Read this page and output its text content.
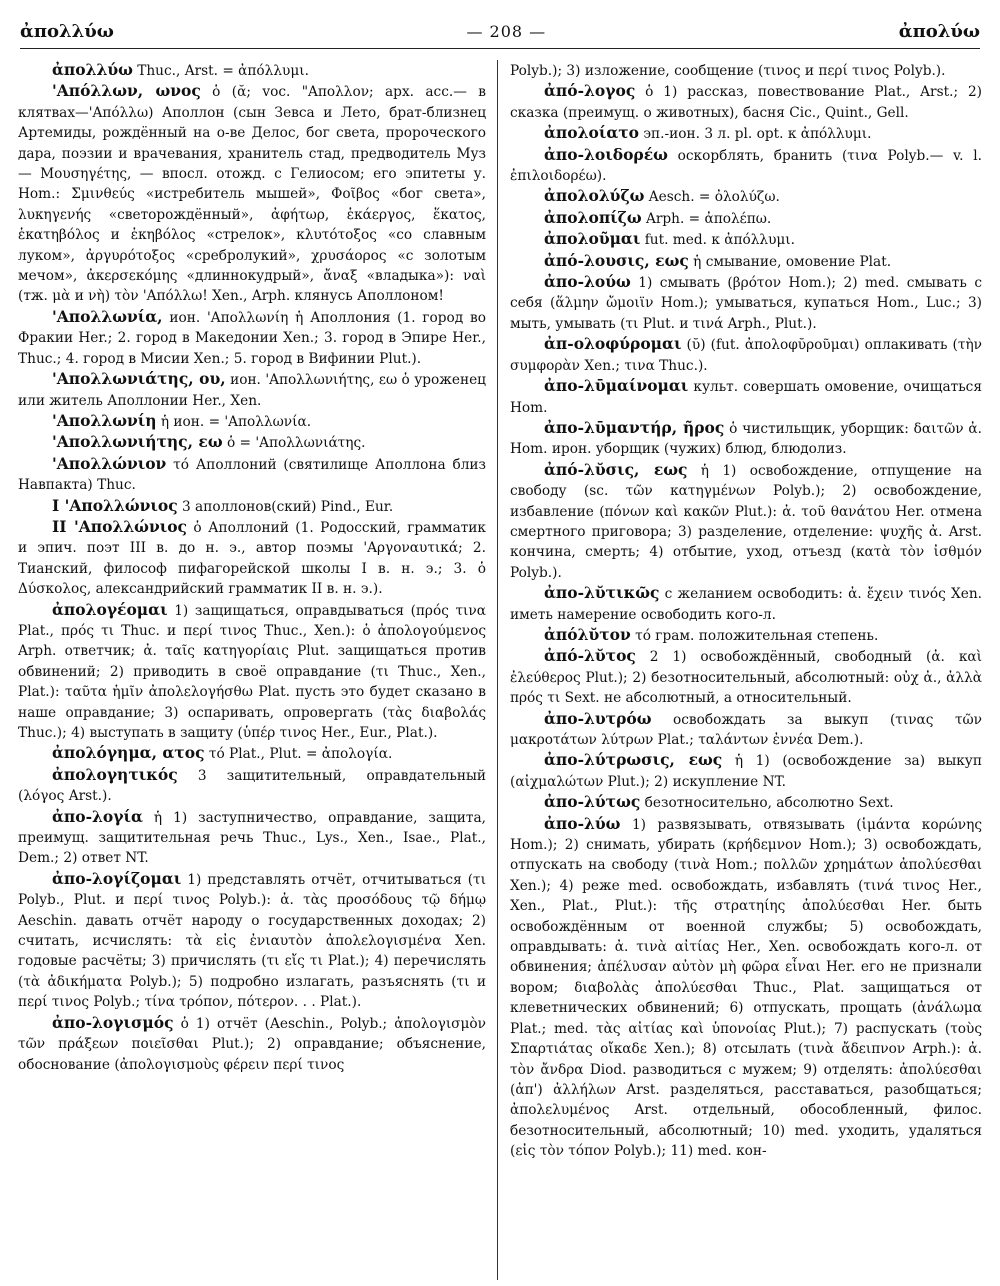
ἀπολλύω	— 208 —	ἀπολύω

ἀπολλύω Thuc., Arst. = ἀπόλλυμι.

'Απόλλων, ωνος ὁ (ᾰ; voc. "Απολλον; арх. acc.— в клятвах—'Απόλλω) Аполлон (сын Зевса и Лето, брат-близнец Артемиды, рождённый на о-ве Делос, бог света, пророческого дара, поэзии и врачевания, хранитель стад, предводитель Муз — Μουσηγέτης, — впосл. отожд. с Гелиосом; его эпитеты у. Hom.: Σμινθεύς «истребитель мышей», Φοῖβος «бог света», λυκηγενής «светорождённый», ἀφήτωρ, ἑκάεργος, ἕκατος, ἑκατηβόλος и ἑκηβόλος «стрелок», κλυτότοξος «со славным луком», ἀργυρότοξος «сребролукий», χρυσάορος «с золотым мечом», ἀκερσεκόμης «длиннокудрый», ἄναξ «владыка»): ναὶ (тж. μὰ и νὴ) τὸν 'Απόλλω! Xen., Arph. клянусь Аполлоном!

'Απολλωνία, ион. 'Απολλωνίη ἡ Аполлония (1. город во Фракии Her.; 2. город в Македонии Xen.; 3. город в Эпире Her., Thuc.; 4. город в Мисии Xen.; 5. город в Вифинии Plut.).

'Απολλωνιάτης, ου, ион. 'Απολλωνιήτης, εω ὁ уроженец или житель Аполлонии Her., Xen.

'Απολλωνίη ἡ ион. = 'Απολλωνία.

'Απολλωνιήτης, εω ὁ = 'Απολλωνιάτης.

'Απολλώνιον τό Аполлоний (святилище Аполлона близ Навпакта) Thuc.

I 'Απολλώνιος 3 аполлонов(ский) Pind., Eur.

II 'Απολλώνιος ὁ Аполлоний (1. Родосский, грамматик и эпич. поэт III в. до н. э., автор поэмы 'Αργοναυτικά; 2. Тианский, философ пифагорейской школы I в. н. э.; 3. ὁ Δύσκολος, александрийский грамматик II в. н. э.).

ἀπολογέομαι 1) защищаться, оправдываться (πρός τινα Plat., πρός τι Thuc. и περί τινος Thuc., Xen.): ὁ ἀπολογούμενος Arph. ответчик; ἀ. ταῖς κατηγορίαις Plut. защищаться против обвинений; 2) приводить в своё оправдание (τι Thuc., Xen., Plat.): ταῦτα ἡμῖν ἀπολελογήσθω Plat. пусть это будет сказано в наше оправдание; 3) оспаривать, опровергать (τὰς διαβολάς Thuc.); 4) выступать в защиту (ὑπέρ τινος Her., Eur., Plat.).

ἀπολόγημα, ατος τό Plat., Plut. = ἀπολογία.

ἀπολογητικός 3 защитительный, оправдательный (λόγος Arst.).

ἀπο-λογία ἡ 1) заступничество, оправдание, защита, преимущ. защитительная речь Thuc., Lys., Xen., Isae., Plat., Dem.; 2) ответ NT.

ἀπο-λογίζομαι 1) представлять отчёт, отчитываться (τι Polyb., Plut. и περί τινος Polyb.): ἀ. τὰς προσόδους τῷ δήμῳ Aeschin. давать отчёт народу о государственных доходах; 2) считать, исчислять: τὰ εἰς ἐνιαυτὸν ἀπολελογισμένα Xen. годовые расчёты; 3) причислять (τι εἴς τι Plat.); 4) перечислять (τὰ ἀδικήματα Polyb.); 5) подробно излагать, разъяснять (τι и περί τινος Polyb.; τίνα τρόπον, πότερον. . . Plat.).

ἀπο-λογισμός ὁ 1) отчёт (Aeschin., Polyb.; ἀπολογισμὸν τῶν πράξεων ποιεῖσθαι Plut.); 2) оправдание; объяснение, обоснование (ἀπολογισμοὺς φέρειν περί τινος

Polyb.); 3) изложение, сообщение (τινος и περί τινος Polyb.).

ἀπό-λογος ὁ 1) рассказ, повествование Plat., Arst.; 2) сказка (преимущ. о животных), басня Cic., Quint., Gell.

ἀπολοίατο эп.-ион. 3 л. pl. opt. к ἀπόλλυμι.

ἀπο-λοιδορέω оскорблять, бранить (τινα Polyb.— v. l. ἐπιλοιδορέω).

ἀπολολύζω Aesch. = ὀλολύζω.

ἀπολοπίζω Arph. = ἀπολέπω.

ἀπολοῦμαι fut. med. к ἀπόλλυμι.

ἀπό-λουσις, εως ἡ смывание, омовение Plat.

ἀπο-λούω 1) смывать (βρότον Hom.); 2) med. смывать с себя (ἅλμην ὤμοιϊν Hom.); умываться, купаться Hom., Luc.; 3) мыть, умывать (τι Plut. и τινά Arph., Plut.).

ἀπ-ολοφύρομαι (ῠ) (fut. ἀπολοφῠροῦμαι) оплакивать (τὴν συμφορὰν Xen.; τινα Thuc.).

ἀπο-λῡμαίνομαι культ. совершать омовение, очищаться Hom.

ἀπο-λῡμαντήρ, ῆρος ὁ чистильщик, уборщик: δαιτῶν ἀ. Hom. ирон. уборщик (чужих) блюд, блюдолиз.

ἀπό-λῠσις, εως ἡ 1) освобождение, отпущение на свободу (sc. τῶν κατηγμένων Polyb.); 2) освобождение, избавление (πόνων καὶ κακῶν Plut.): ἀ. τοῦ θανάτου Her. отмена смертного приговора; 3) разделение, отделение: ψυχῆς ἀ. Arst. кончина, смерть; 4) отбытие, уход, отъезд (κατὰ τὸν ἰσθμόν Polyb.).

ἀπο-λῠτικῶς с желанием освободить: ἀ. ἔχειν τινός Xen. иметь намерение освободить кого-л.

ἀπόλῠτον τό грам. положительная степень.

ἀπό-λῠτος 2 1) освобождённый, свободный (ἀ. καὶ ἐλεύθερος Plut.); 2) безотносительный, абсолютный: οὐχ ἀ., ἀλλὰ πρός τι Sext. не абсолютный, а относительный.

ἀπο-λυτρόω освобождать за выкуп (τινας τῶν μακροτάτων λύτρων Plat.; ταλάντων ἐννέα Dem.).

ἀπο-λύτρωσις, εως ἡ 1) (освобождение за) выкуп (αἰχμαλώτων Plut.); 2) искупление NT.

ἀπο-λύτως безотносительно, абсолютно Sext.

ἀπο-λύω 1) развязывать, отвязывать (ἱμάντα κορώνης Hom.); 2) снимать, убирать (κρήδεμνον Hom.); 3) освобождать, отпускать на свободу (τινὰ Hom.; πολλῶν χρημάτων ἀπολύεσθαι Xen.); 4) реже med. освобождать, избавлять (τινά τινος Her., Xen., Plat., Plut.): τῆς στρατηίης ἀπολύεσθαι Her. быть освобождённым от военной службы; 5) освобождать, оправдывать: ἀ. τινὰ αἰτίας Her., Xen. освобождать кого-л. от обвинения; ἀπέλυσαν αὐτὸν μὴ φῶρα εἶναι Her. его не признали вором; διαβολὰς ἀπολύεσθαι Thuc., Plat. защищаться от клеветнических обвинений; 6) отпускать, прощать (ἀνάλωμα Plat.; med. τὰς αἰτίας καὶ ὑπονοίας Plut.); 7) распускать (τοὺς Σπαρτιάτας οἴκαδε Xen.); 8) отсылать (τινὰ ἄδειπνον Arph.): ἀ. τὸν ἄνδρα Diod. разводиться с мужем; 9) отделять: ἀπολύεσθαι (ἀπ') ἀλλήλων Arst. разделяться, расставаться, разобщаться; ἀπολελυμένος Arst. отдельный, обособленный, филос. безотносительный, абсолютный; 10) med. уходить, удаляться (εἰς τὸν τόπον Polyb.); 11) med. кон-
